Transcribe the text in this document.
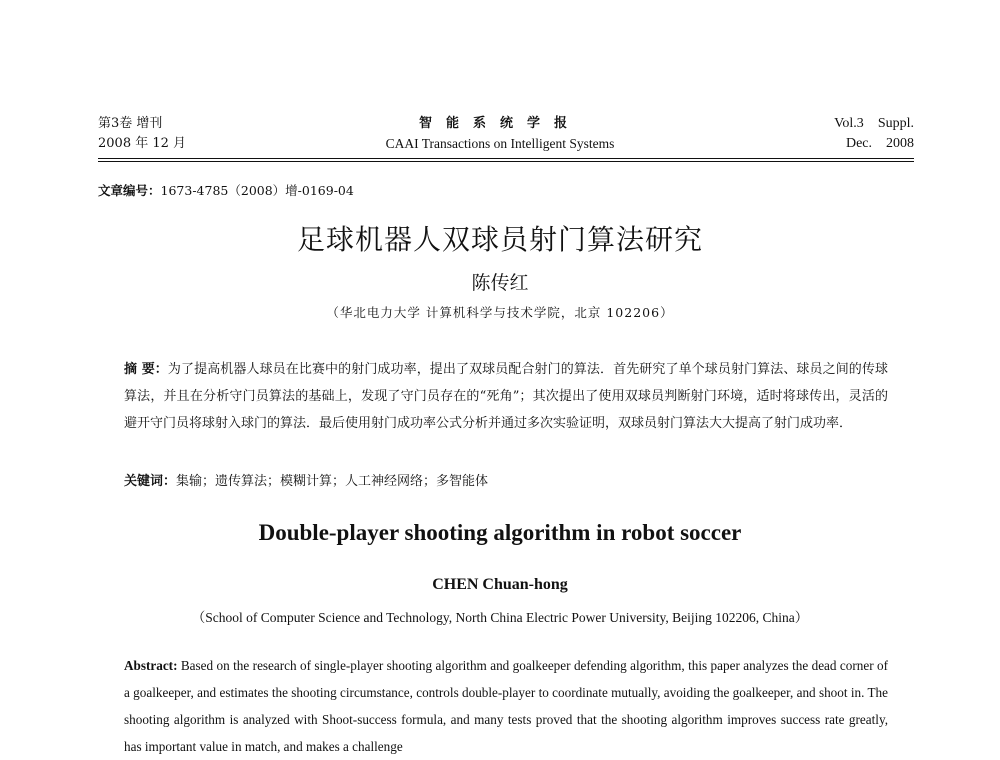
第3卷 增刊
2008 年 12 月
智能系统学报
CAAI Transactions on Intelligent Systems
Vol.3 Suppl.
Dec. 2008
文章编号：1673-4785（2008）增-0169-04
足球机器人双球员射门算法研究
陈传红
（华北电力大学 计算机科学与技术学院，北京 102206）
摘 要：为了提高机器人球员在比赛中的射门成功率，提出了双球员配合射门的算法．首先研究了单个球员射门算法、球员之间的传球算法，并且在分析守门员算法的基础上，发现了守门员存在的“死角”；其次提出了使用双球员判断射门环境，适时将球传出，灵活的避开守门员将球射入球门的算法．最后使用射门成功率公式分析并通过多次实验证明，双球员射门算法大大提高了射门成功率．
关键词：集输；遗传算法；模糊计算；人工神经网络；多智能体
Double-player shooting algorithm in robot soccer
CHEN Chuan-hong
（School of Computer Science and Technology, North China Electric Power University, Beijing 102206, China）
Abstract: Based on the research of single-player shooting algorithm and goalkeeper defending algorithm, this paper analyzes the dead corner of a goalkeeper, and estimates the shooting circumstance, controls double-player to coordinate mutually, avoiding the goalkeeper, and shoot in. The shooting algorithm is analyzed with Shoot-success formula, and many tests proved that the shooting algorithm improves success rate greatly, has important value in match, and makes a challenge
